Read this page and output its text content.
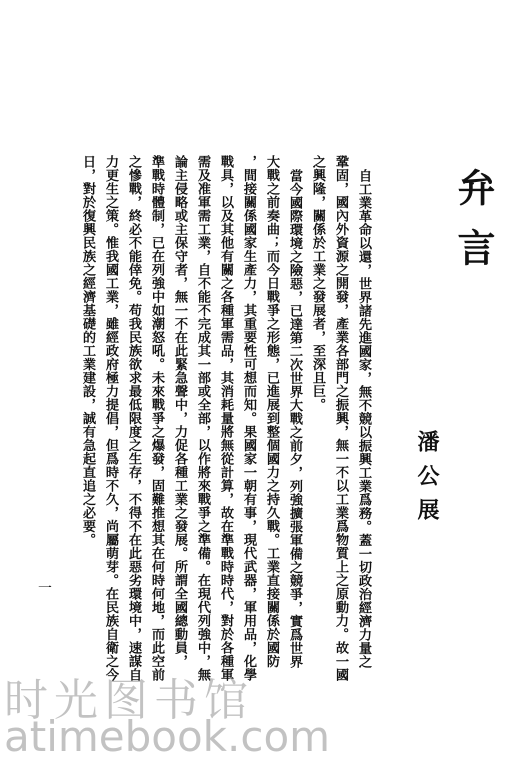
弁言
潘公展
自工業革命以還，世界諸先進國家，無不競以振興工業爲務。蓋一切政治經濟力量之
鞏固，國內外資源之開發，產業各部門之振興，無一不以工業爲物質上之原動力。故一國
之興隆，關係於工業之發展者，至深且巨。
當今國際環境之險惡，已達第二次世界大戰之前夕，列強擴張軍備之競爭，實爲世界
大戰之前奏曲；而今日戰爭之形態，已進展到整個國力之持久戰。工業直接關係於國防
，間接關係國家生產力，其重要性可想而知。果國家一朝有事，現代武器，軍用品，化學
戰具，以及其他有關之各種軍需品，其消耗量將無從計算，故在準戰時時代，對於各種軍
需及准軍需工業，自不能不完成其一部或全部，以作將來戰爭之準備。在現代列強中，無
論主侵略或主保守者，無一不在此緊急聲中，力促各種工業之發展。所謂全國總動員，
準戰時體制，已在列強中如潮怒吼。未來戰爭之爆發，固難推想其在何時何地，而此空前
之慘戰，終必不能倖免。苟我民族欲求最低限度之生存，不得不在此惡劣環境中，速謀自
力更生之策。惟我國工業，雖經政府極力提倡，但爲時不久，尚屬萌芽。在民族自衛之今
日，對於復興民族之經濟基礎的工業建設，誠有急起直追之必要。
一
时光图书馆
atimebook.com
